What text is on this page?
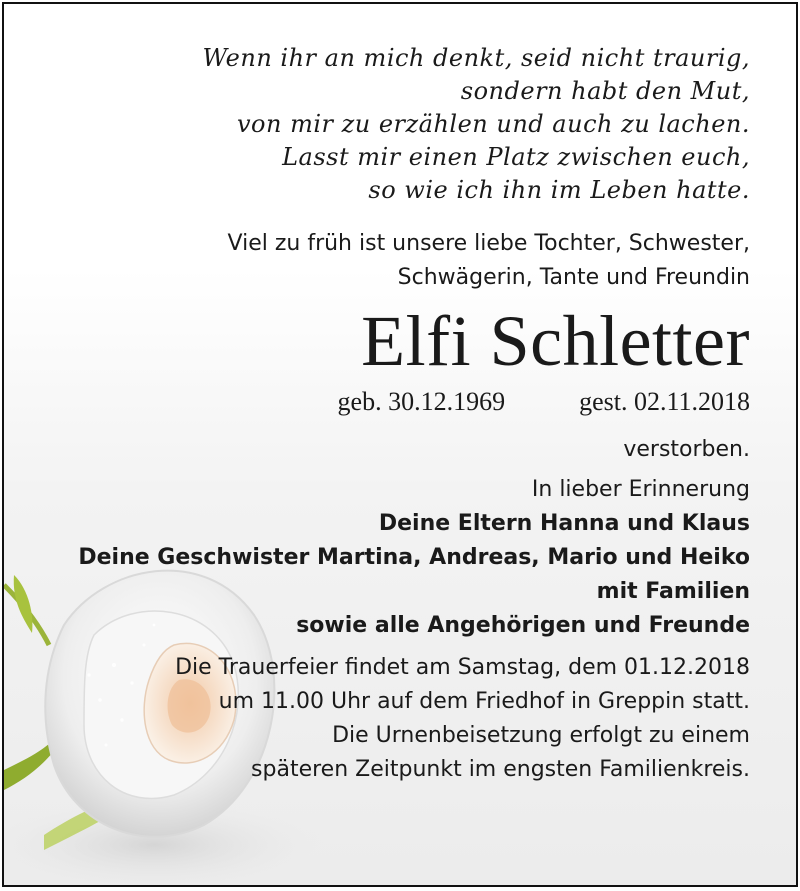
Wenn ihr an mich denkt, seid nicht traurig,

sondern habt den Mut,

von mir zu erzählen und auch zu lachen.

Lasst mir einen Platz zwischen euch,

so wie ich ihn im Leben hatte.

Viel zu früh ist unsere liebe Tochter, Schwester,

Schwägerin, Tante und Freundin

Elfi Schletter
geb. 30.12.1969	gest. 02.11.2018
verstorben.
In lieber Erinnerung

Deine Eltern Hanna und Klaus

Deine Geschwister Martina, Andreas, Mario und Heiko

mit Familien

sowie alle Angehörigen und Freunde

Die Trauerfeier findet am Samstag, dem 01.12.2018

um 11.00 Uhr auf dem Friedhof in Greppin statt.

Die Urnenbeisetzung erfolgt zu einem

späteren Zeitpunkt im engsten Familienkreis.
